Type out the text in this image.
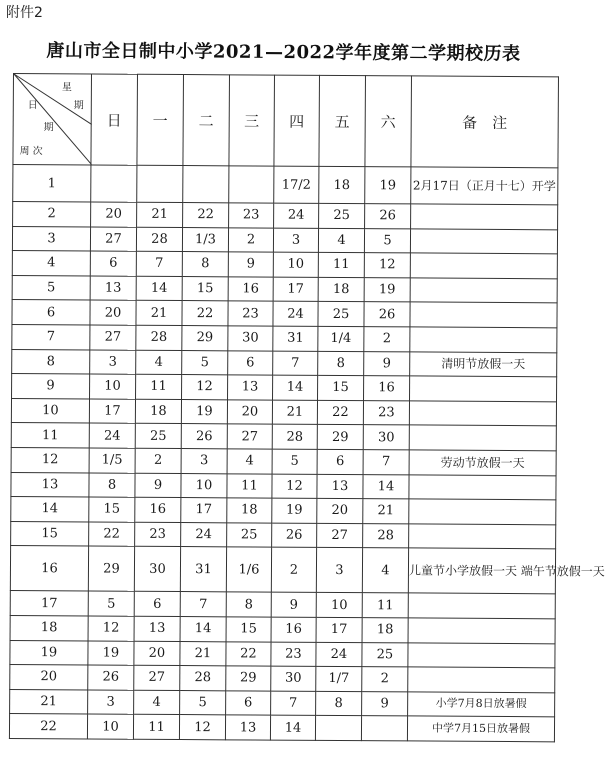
附件2
唐山市全日制中小学2021—2022学年度第二学期校历表
星
期
日
期
周 次	日	一	二	三	四	五	六	备　注
1					17/2	18	19	2月17日（正月十七）开学
2	20	21	22	23	24	25	26	
3	27	28	1/3	2	3	4	5	
4	6	7	8	9	10	11	12	
5	13	14	15	16	17	18	19	
6	20	21	22	23	24	25	26	
7	27	28	29	30	31	1/4	2	
8	3	4	5	6	7	8	9	清明节放假一天
9	10	11	12	13	14	15	16	
10	17	18	19	20	21	22	23	
11	24	25	26	27	28	29	30	
12	1/5	2	3	4	5	6	7	劳动节放假一天
13	8	9	10	11	12	13	14	
14	15	16	17	18	19	20	21	
15	22	23	24	25	26	27	28	
16	29	30	31	1/6	2	3	4	儿童节小学放假一天 端午节放假一天
17	5	6	7	8	9	10	11	
18	12	13	14	15	16	17	18	
19	19	20	21	22	23	24	25	
20	26	27	28	29	30	1/7	2	
21	3	4	5	6	7	8	9	小学7月8日放暑假
22	10	11	12	13	14			中学7月15日放暑假
